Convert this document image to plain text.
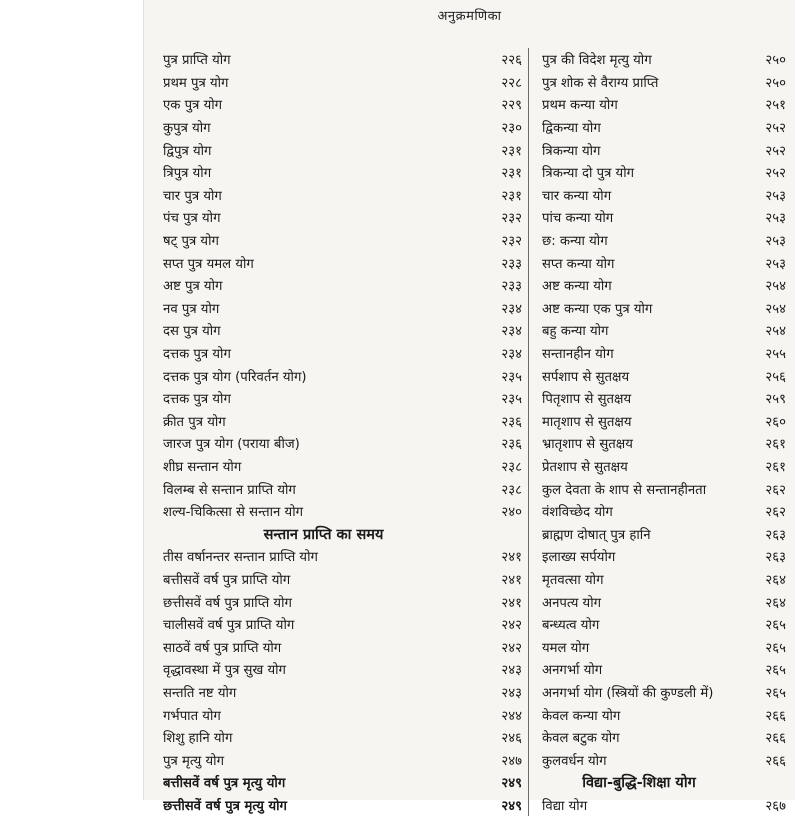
अनुक्रमणिका
पुत्र प्राप्ति योग	२२६
प्रथम पुत्र योग	२२८
एक पुत्र योग	२२९
कुपुत्र योग	२३०
द्विपुत्र योग	२३१
त्रिपुत्र योग	२३१
चार पुत्र योग	२३१
पंच पुत्र योग	२३२
षट् पुत्र योग	२३२
सप्त पुत्र यमल योग	२३३
अष्ट पुत्र योग	२३३
नव पुत्र योग	२३४
दस पुत्र योग	२३४
दत्तक पुत्र योग	२३४
दत्तक पुत्र योग (परिवर्तन योग)	२३५
दत्तक पुत्र योग	२३५
क्रीत पुत्र योग	२३६
जारज पुत्र योग (पराया बीज)	२३६
शीघ्र सन्तान योग	२३८
विलम्ब से सन्तान प्राप्ति योग	२३८
शल्य-चिकित्सा से सन्तान योग	२४०
सन्तान प्राप्ति का समय
तीस वर्षानन्तर सन्तान प्राप्ति योग	२४१
बत्तीसवें वर्ष पुत्र प्राप्ति योग	२४१
छत्तीसवें वर्ष पुत्र प्राप्ति योग	२४१
चालीसवें वर्ष पुत्र प्राप्ति योग	२४२
साठवें वर्ष पुत्र प्राप्ति योग	२४२
वृद्धावस्था में पुत्र सुख योग	२४३
सन्तति नष्ट योग	२४३
गर्भपात योग	२४४
शिशु हानि योग	२४६
पुत्र मृत्यु योग	२४७
बत्तीसवें वर्ष पुत्र मृत्यु योग	२४९
छत्तीसवें वर्ष पुत्र मृत्यु योग	२४९
पुत्र की विदेश मृत्यु योग	२५०
पुत्र शोक से वैराग्य प्राप्ति	२५०
प्रथम कन्या योग	२५१
द्विकन्या योग	२५२
त्रिकन्या योग	२५२
त्रिकन्या दो पुत्र योग	२५२
चार कन्या योग	२५३
पांच कन्या योग	२५३
छ: कन्या योग	२५३
सप्त कन्या योग	२५३
अष्ट कन्या योग	२५४
अष्ट कन्या एक पुत्र योग	२५४
बहु कन्या योग	२५४
सन्तानहीन योग	२५५
सर्पशाप से सुतक्षय	२५६
पितृशाप से सुतक्षय	२५९
मातृशाप से सुतक्षय	२६०
भ्रातृशाप से सुतक्षय	२६१
प्रेतशाप से सुतक्षय	२६१
कुल देवता के शाप से सन्तानहीनता	२६२
वंशविच्छेद योग	२६२
ब्राह्मण दोषात् पुत्र हानि	२६३
इलाख्य सर्पयोग	२६३
मृतवत्सा योग	२६४
अनपत्य योग	२६४
बन्ध्यत्व योग	२६५
यमल योग	२६५
अनगर्भा योग	२६५
अनगर्भा योग (स्त्रियों की कुण्डली में)	२६५
केवल कन्या योग	२६६
केवल बटुक योग	२६६
कुलवर्धन योग	२६६
विद्या-बुद्धि-शिक्षा योग
विद्या योग	२६७
